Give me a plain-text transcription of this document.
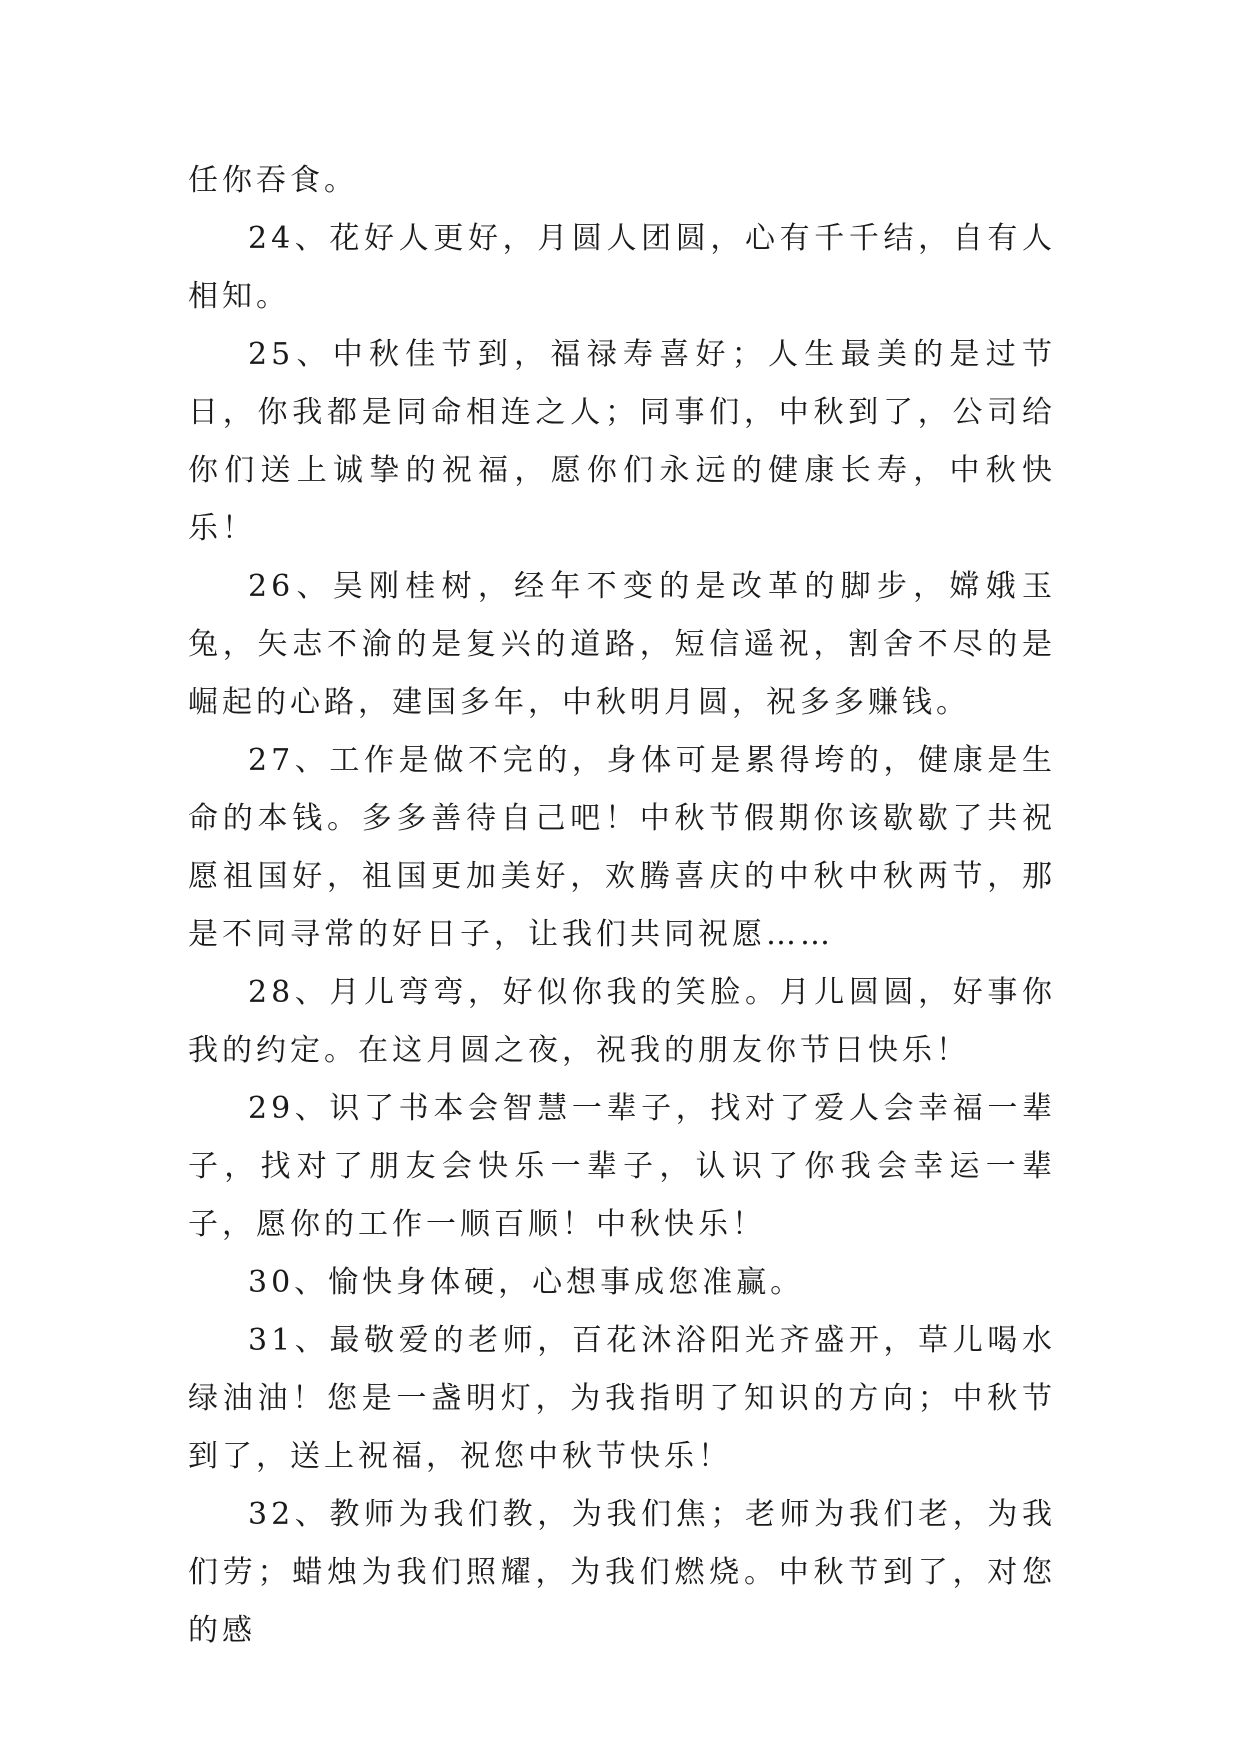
任你吞食。

24、花好人更好，月圆人团圆，心有千千结，自有人相知。

25、中秋佳节到，福禄寿喜好；人生最美的是过节日，你我都是同命相连之人；同事们，中秋到了，公司给你们送上诚挚的祝福，愿你们永远的健康长寿，中秋快乐！

26、吴刚桂树，经年不变的是改革的脚步，嫦娥玉兔，矢志不渝的是复兴的道路，短信遥祝，割舍不尽的是崛起的心路，建国多年，中秋明月圆，祝多多赚钱。

27、工作是做不完的，身体可是累得垮的，健康是生命的本钱。多多善待自己吧！中秋节假期你该歇歇了共祝愿祖国好，祖国更加美好，欢腾喜庆的中秋中秋两节，那是不同寻常的好日子，让我们共同祝愿……

28、月儿弯弯，好似你我的笑脸。月儿圆圆，好事你我的约定。在这月圆之夜，祝我的朋友你节日快乐！

29、识了书本会智慧一辈子，找对了爱人会幸福一辈子，找对了朋友会快乐一辈子，认识了你我会幸运一辈子，愿你的工作一顺百顺！中秋快乐！

30、愉快身体硬，心想事成您准赢。

31、最敬爱的老师，百花沐浴阳光齐盛开，草儿喝水绿油油！您是一盏明灯，为我指明了知识的方向；中秋节到了，送上祝福，祝您中秋节快乐！

32、教师为我们教，为我们焦；老师为我们老，为我们劳；蜡烛为我们照耀，为我们燃烧。中秋节到了，对您的感
